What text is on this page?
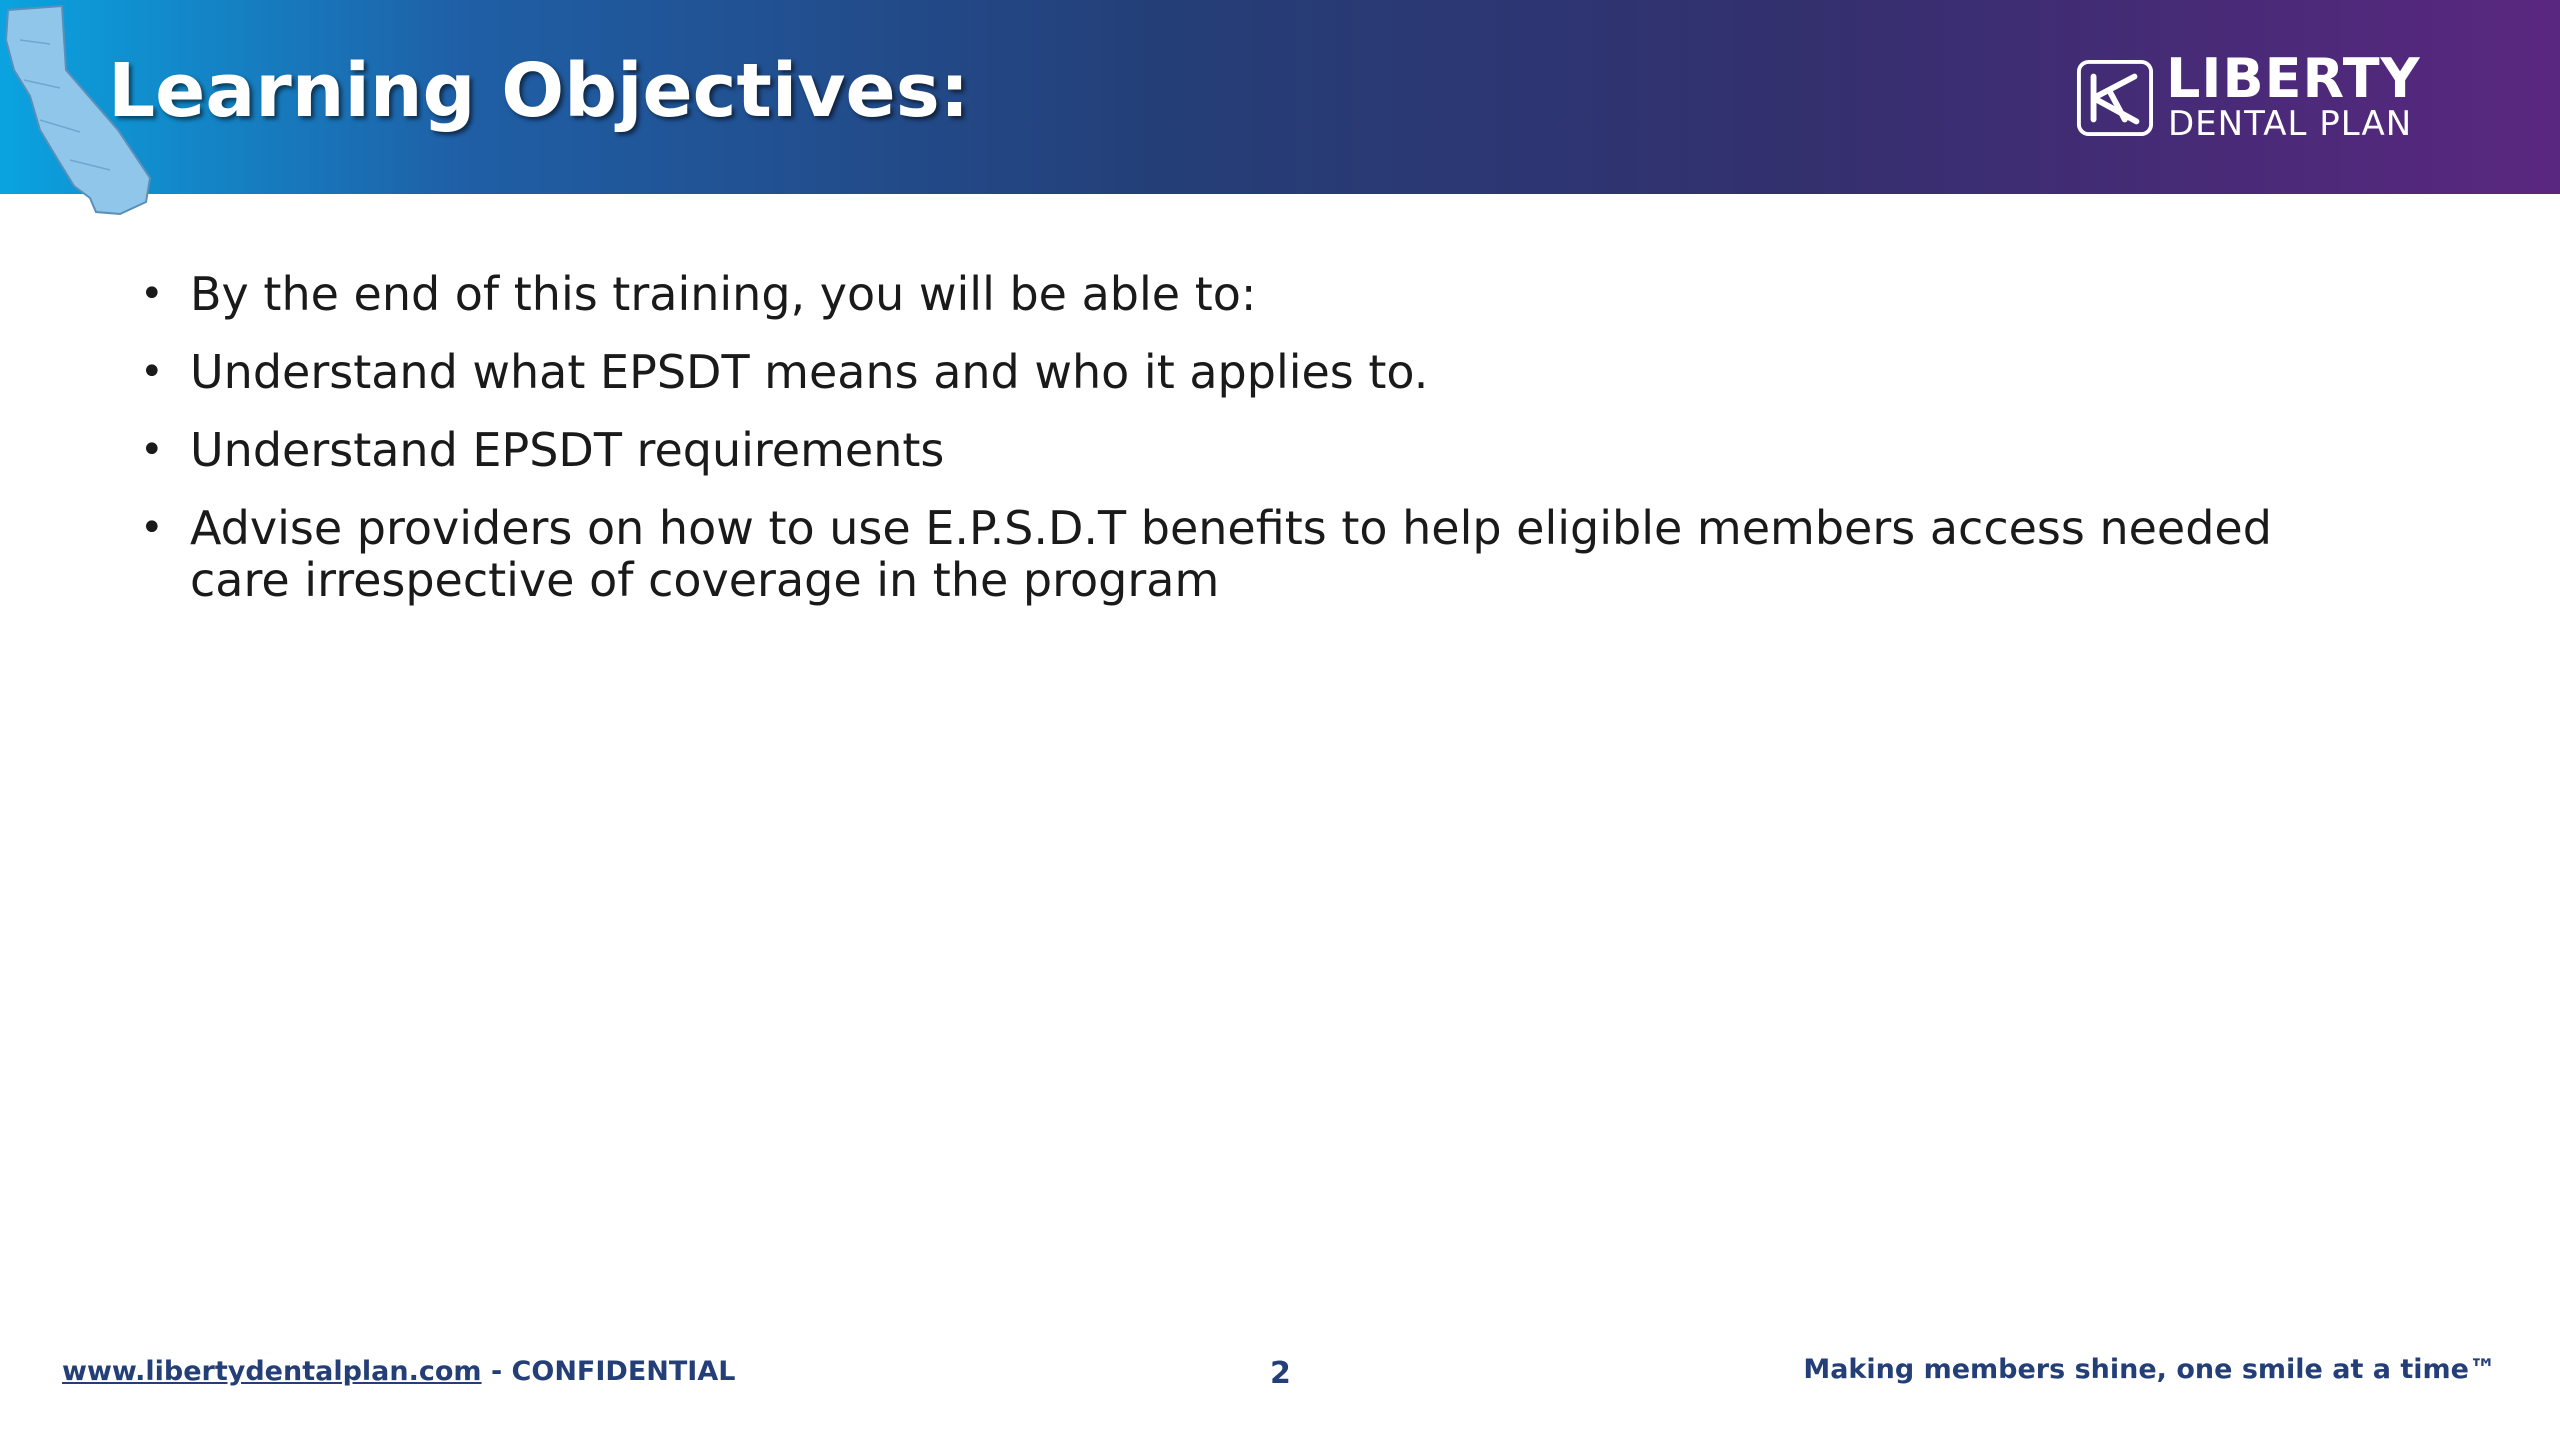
Learning Objectives:	LIBERTY
DENTAL PLAN
• By the end of this training, you will be able to:
• Understand what EPSDT means and who it applies to.
• Understand EPSDT requirements
• Advise providers on how to use E.P.S.D.T benefits to help eligible members access needed care irrespective of coverage in the program
www.libertydentalplan.com - CONFIDENTIAL	2	Making members shine, one smile at a time™
